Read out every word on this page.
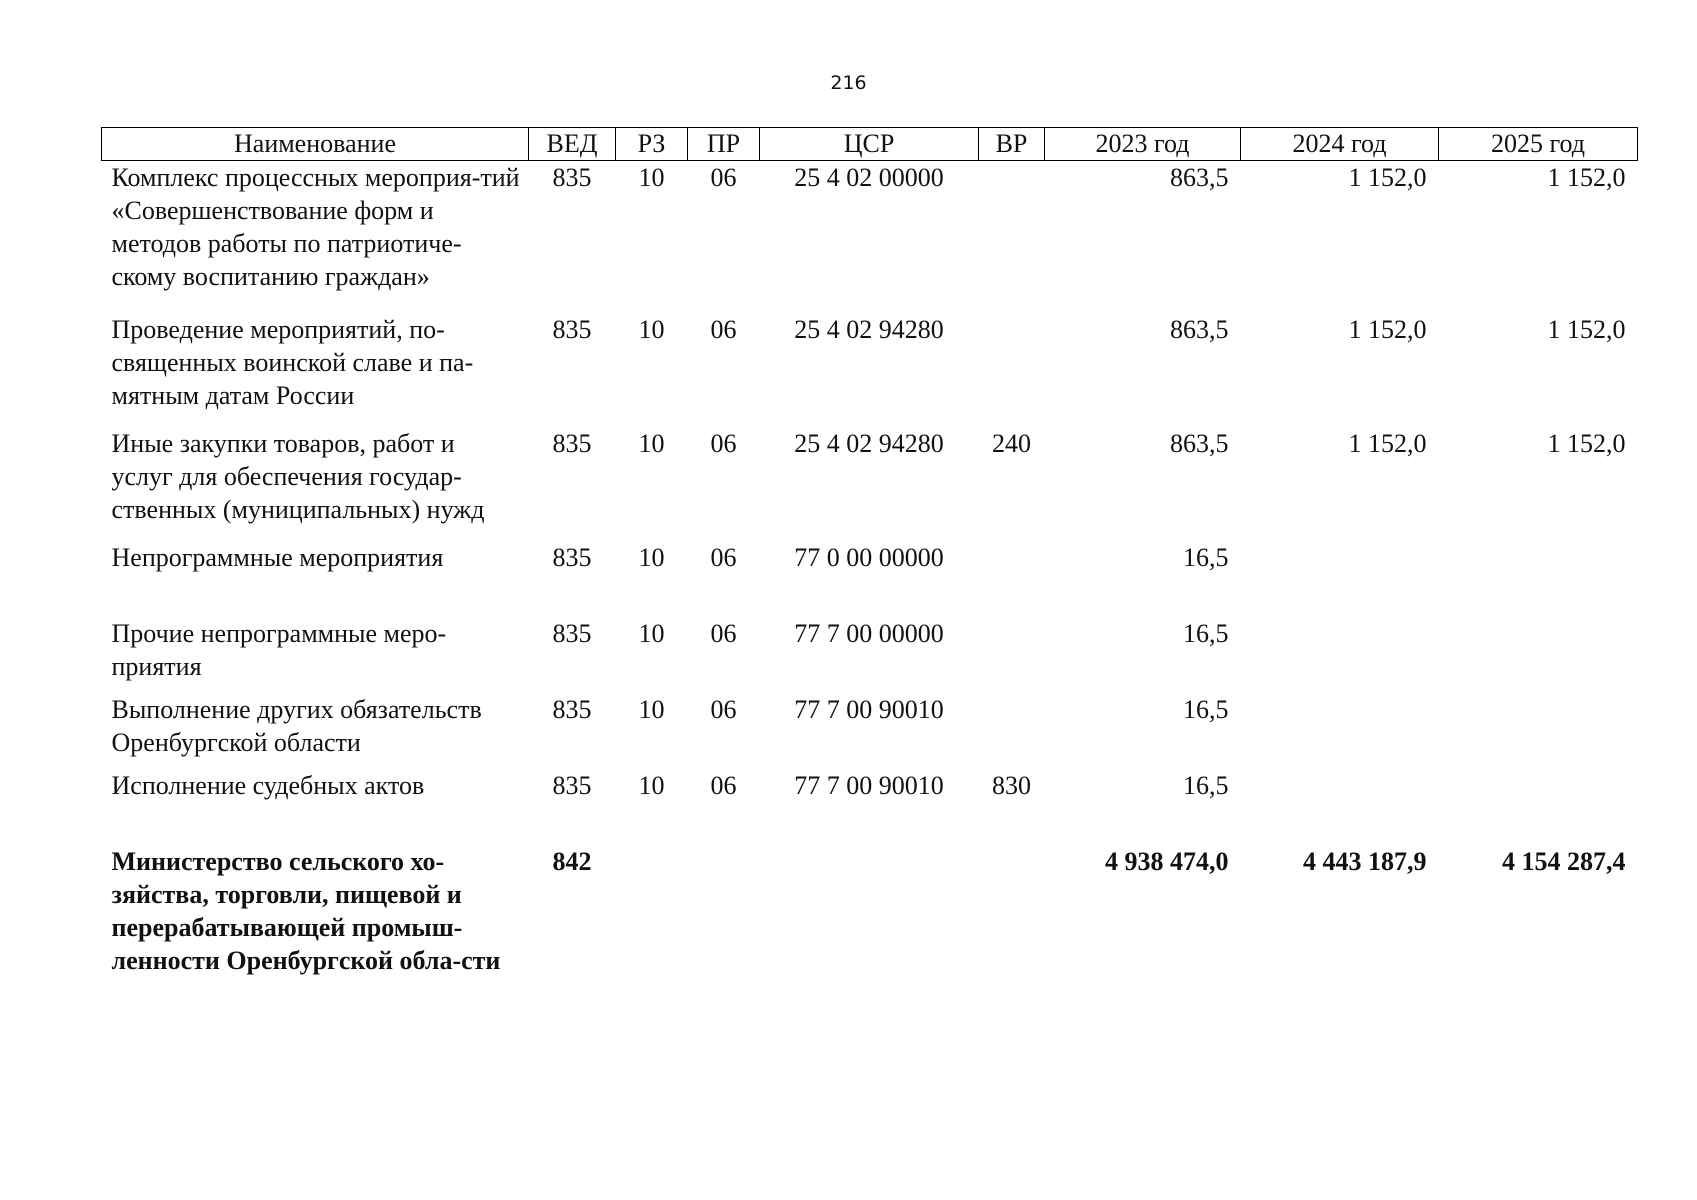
216
Наименование	ВЕД	РЗ	ПР	ЦСР	ВР	2023 год	2024 год	2025 год
Комплекс процессных мероприя-тий «Совершенствование форм и методов работы по патриотиче-скому воспитанию граждан»	835	10	06	25 4 02 00000		863,5	1 152,0	1 152,0
Проведение мероприятий, по-священных воинской славе и па-мятным датам России	835	10	06	25 4 02 94280		863,5	1 152,0	1 152,0
Иные закупки товаров, работ и услуг для обеспечения государ-ственных (муниципальных) нужд	835	10	06	25 4 02 94280	240	863,5	1 152,0	1 152,0
Непрограммные мероприятия	835	10	06	77 0 00 00000		16,5		
Прочие непрограммные меро-приятия	835	10	06	77 7 00 00000		16,5		
Выполнение других обязательств Оренбургской области	835	10	06	77 7 00 90010		16,5		
Исполнение судебных актов	835	10	06	77 7 00 90010	830	16,5		
Министерство сельского хо-зяйства, торговли, пищевой и перерабатывающей промыш-ленности Оренбургской обла-сти	842					4 938 474,0	4 443 187,9	4 154 287,4
